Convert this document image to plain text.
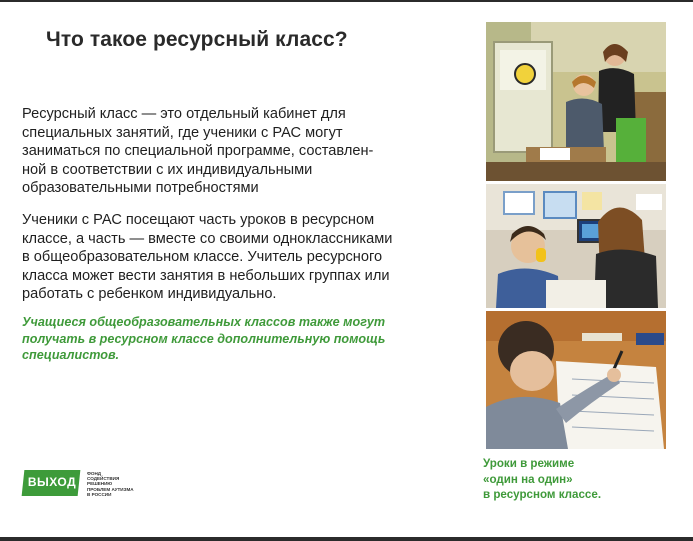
Что такое ресурсный класс?
Ресурсный класс — это отдельный кабинет для
специальных занятий, где ученики с РАС могут
заниматься по специальной программе, составлен-
ной в соответствии с их индивидуальными
образовательными потребностями
Ученики с РАС посещают часть уроков в ресурсном
классе, а часть — вместе со своими одноклассниками
в общеобразовательном классе. Учитель ресурсного
класса может вести занятия в небольших группах или
работать с ребенком индивидуально.
Учащиеся общеобразовательных классов также могут
получать в ресурсном классе дополнительную помощь
специалистов.
Уроки в режиме
«один на один»
в ресурсном классе.
ВЫХОД
ФОНД
СОДЕЙСТВИЯ
РЕШЕНИЮ
ПРОБЛЕМ АУТИЗМА
В РОССИИ
